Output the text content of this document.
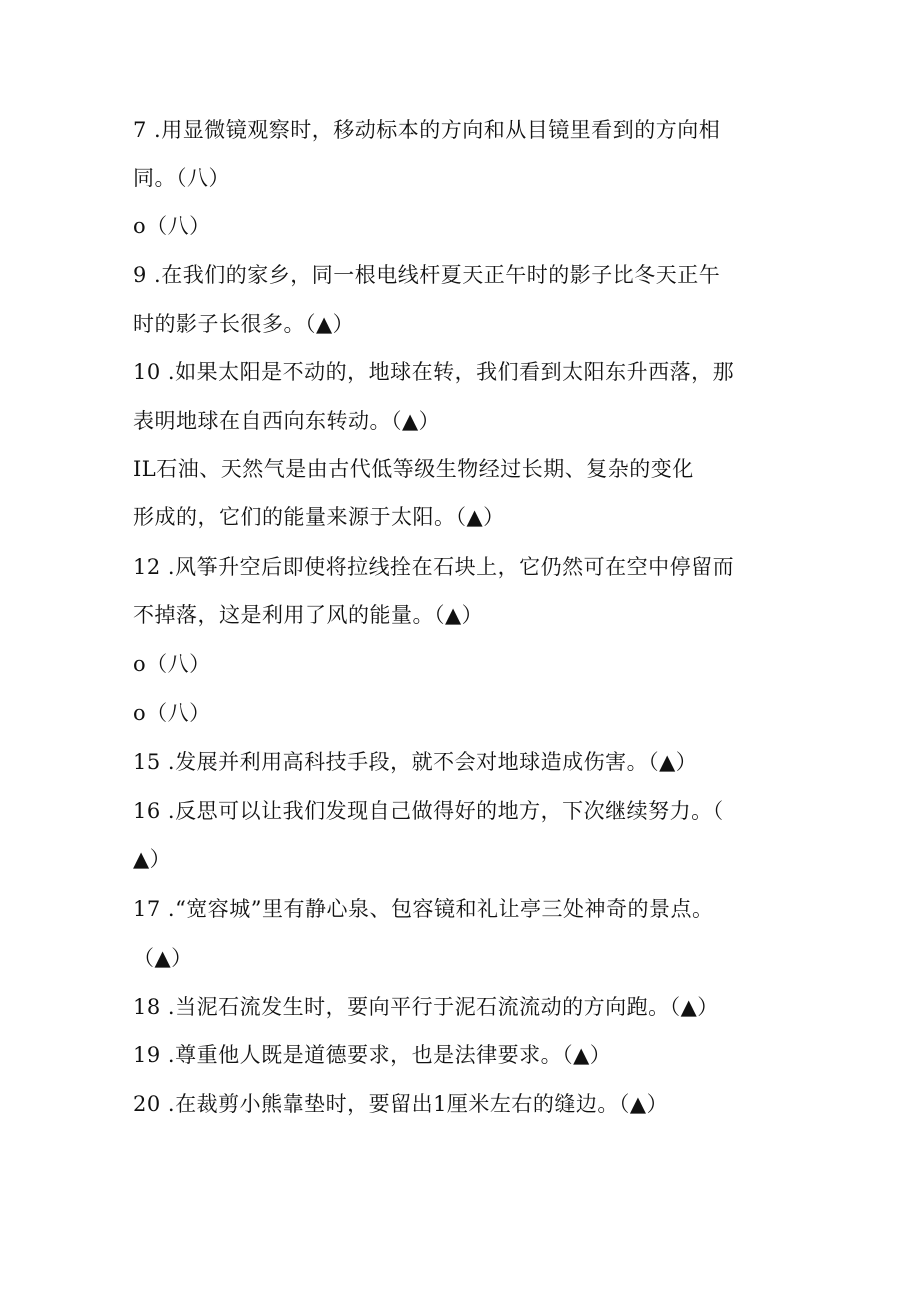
7 .用显微镜观察时，移动标本的方向和从目镜里看到的方向相
同。（八）
o（八）
9 .在我们的家乡，同一根电线杆夏天正午时的影子比冬天正午
时的影子长很多。（▲）
10 .如果太阳是不动的，地球在转，我们看到太阳东升西落，那
表明地球在自西向东转动。（▲）
IL石油、天然气是由古代低等级生物经过长期、复杂的变化
形成的，它们的能量来源于太阳。（▲）
12 .风筝升空后即使将拉线拴在石块上，它仍然可在空中停留而
不掉落，这是利用了风的能量。（▲）
o（八）
o（八）
15 .发展并利用高科技手段，就不会对地球造成伤害。（▲）
16 .反思可以让我们发现自己做得好的地方，下次继续努力。（
▲）
17 .“宽容城”里有静心泉、包容镜和礼让亭三处神奇的景点。
（▲）
18 .当泥石流发生时，要向平行于泥石流流动的方向跑。（▲）
19 .尊重他人既是道德要求，也是法律要求。（▲）
20 .在裁剪小熊靠垫时，要留出1厘米左右的缝边。（▲）
